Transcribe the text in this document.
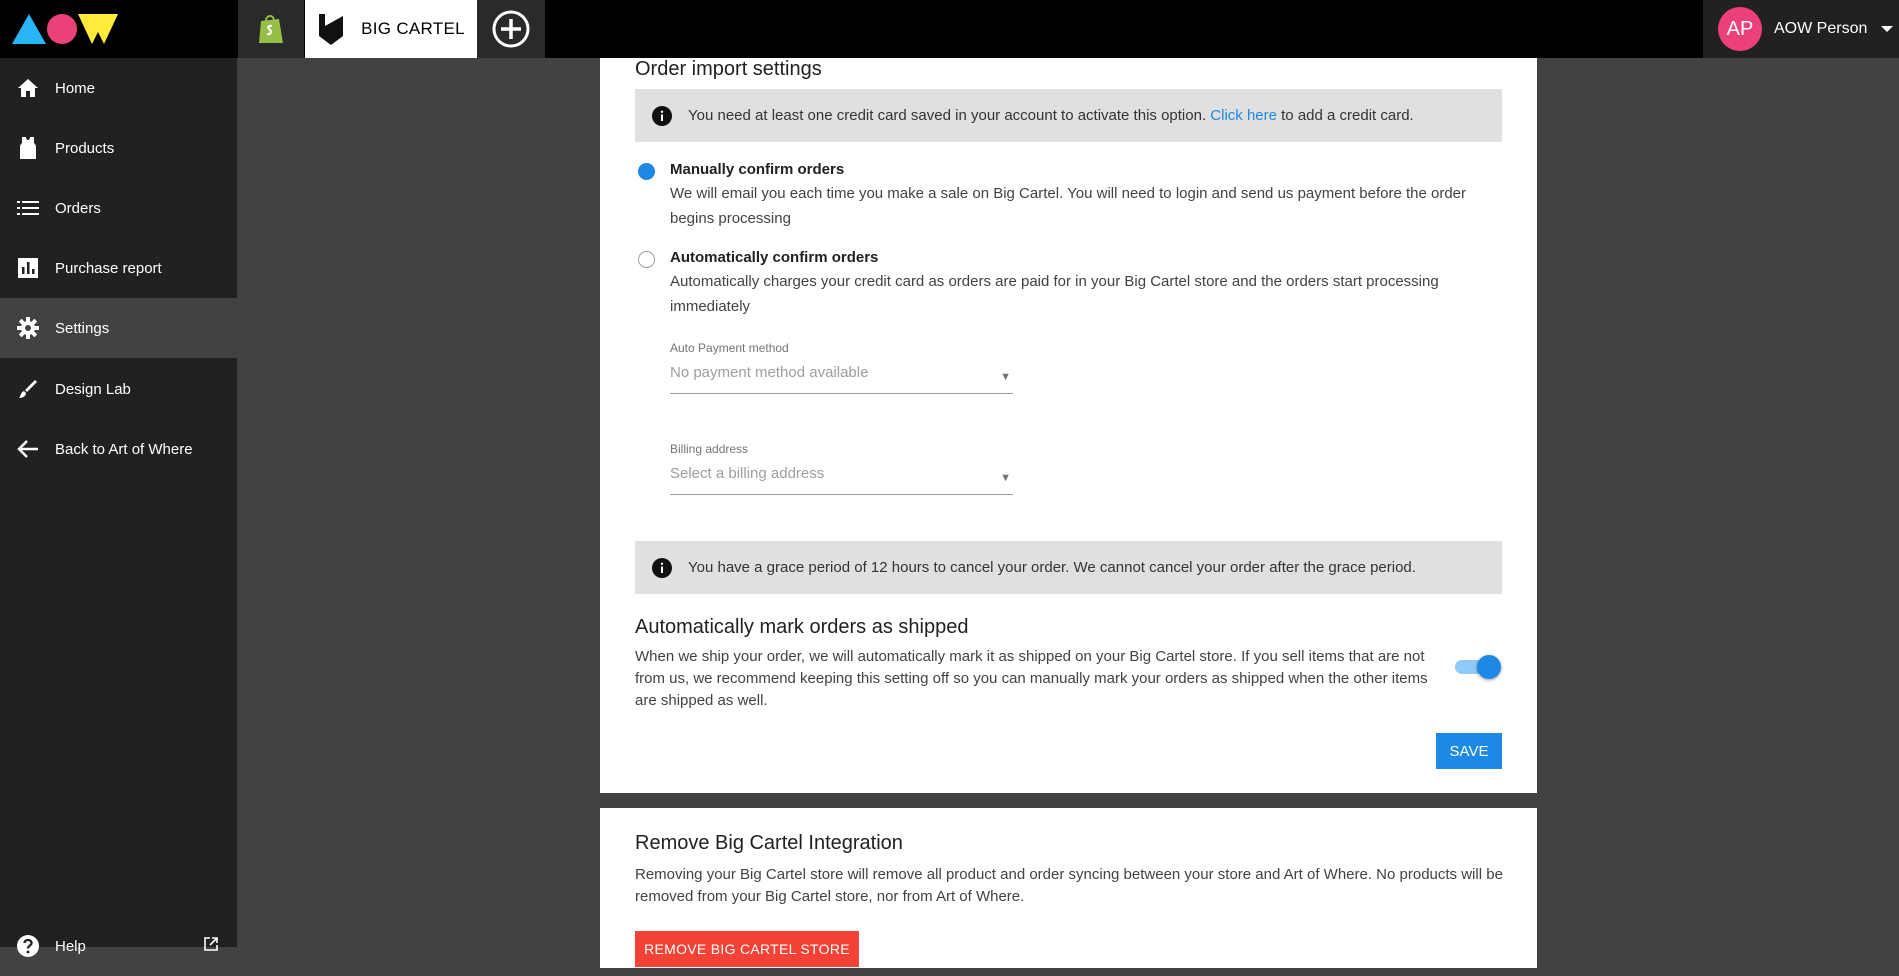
BIG CARTEL	AP	AOW Person
Home
Products
Orders
Purchase report
Settings
Design Lab
Back to Art of Where
Help
Order import settings
You need at least one credit card saved in your account to activate this option. Click here to add a credit card.
Manually confirm orders
We will email you each time you make a sale on Big Cartel. You will need to login and send us payment before the order
begins processing
Automatically confirm orders
Automatically charges your credit card as orders are paid for in your Big Cartel store and the orders start processing
immediately
Auto Payment method
No payment method available	▼
Billing address
Select a billing address	▼
You have a grace period of 12 hours to cancel your order. We cannot cancel your order after the grace period.
Automatically mark orders as shipped
When we ship your order, we will automatically mark it as shipped on your Big Cartel store. If you sell items that are not
from us, we recommend keeping this setting off so you can manually mark your orders as shipped when the other items
are shipped as well.
SAVE
Remove Big Cartel Integration
Removing your Big Cartel store will remove all product and order syncing between your store and Art of Where. No products will be
removed from your Big Cartel store, nor from Art of Where.
REMOVE BIG CARTEL STORE
